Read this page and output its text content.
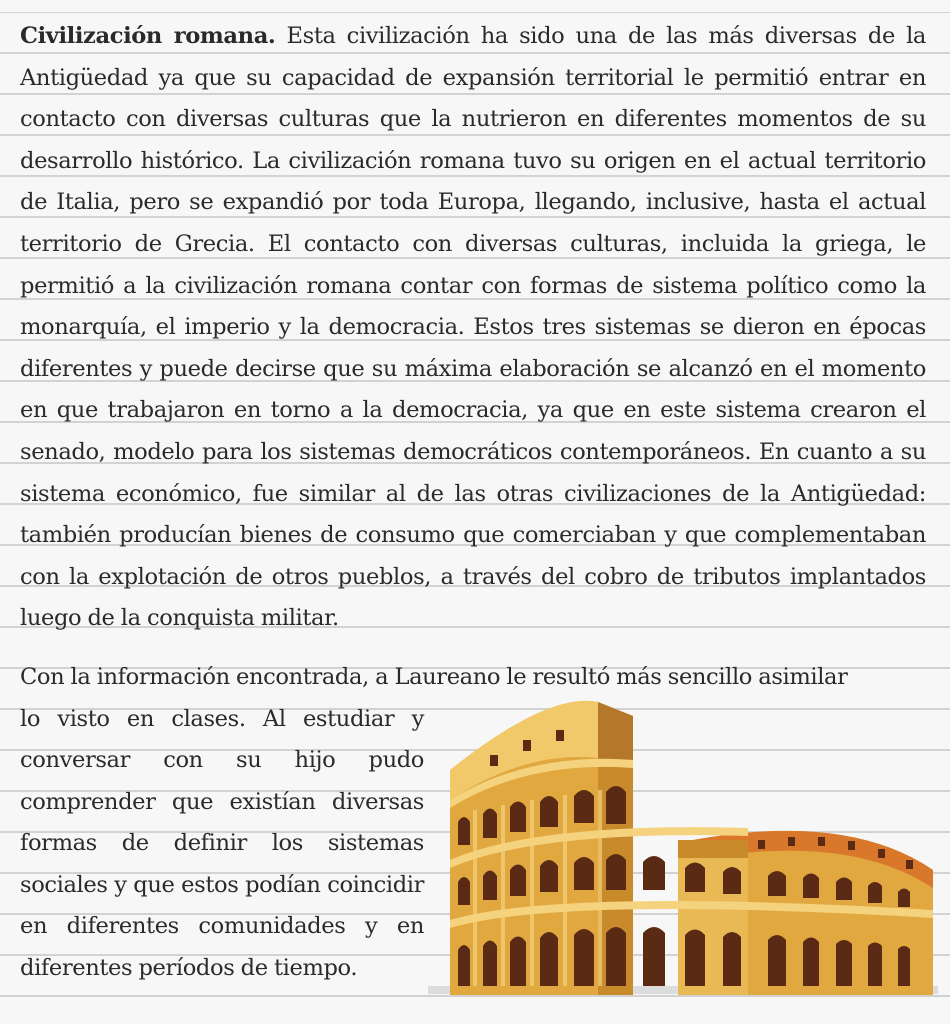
Civilización romana. Esta civilización ha sido una de las más diversas de la Antigüedad ya que su capacidad de expansión territorial le permitió entrar en contacto con diversas culturas que la nutrieron en diferentes momentos de su desarrollo histórico. La civilización romana tuvo su origen en el actual territorio de Italia, pero se expandió por toda Europa, llegando, inclusive, hasta el actual territorio de Grecia. El contacto con diversas culturas, incluida la griega, le permitió a la civilización romana contar con formas de sistema político como la monarquía, el imperio y la democracia. Estos tres sistemas se dieron en épocas diferentes y puede decirse que su máxima elaboración se alcanzó en el momento en que trabajaron en torno a la democracia, ya que en este sistema crearon el senado, modelo para los sistemas democráticos contemporáneos. En cuanto a su sistema económico, fue similar al de las otras civilizaciones de la Antigüedad: también producían bienes de consumo que comerciaban y que complementaban con la explotación de otros pueblos, a través del cobro de tributos implantados luego de la conquista militar.

Con la información encontrada, a Laureano le resultó más sencillo asimilar

lo visto en clases. Al estudiar y conversar con su hijo pudo comprender que existían diversas formas de definir los sistemas sociales y que estos podían coincidir en diferentes comunidades y en diferentes períodos de tiempo.
